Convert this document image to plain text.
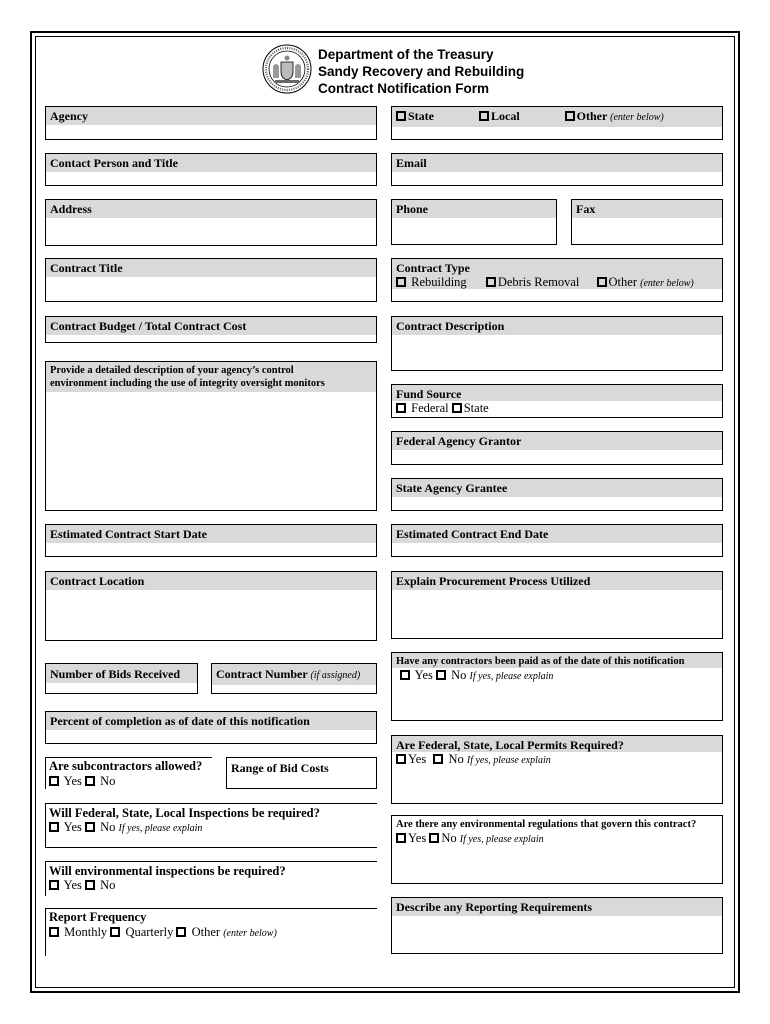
Department of the Treasury
Sandy Recovery and Rebuilding
Contract Notification Form
Agency	State	Local	Other (enter below)
Contact Person and Title	Email
Address	Phone	Fax
Contract Title	Contract Type
Rebuilding Debris Removal Other (enter below)
Contract Budget / Total Contract Cost	Contract Description
Provide a detailed description of your agency’s control
environment including the use of integrity oversight monitors
Fund Source
Federal State
Federal Agency Grantor
State Agency Grantee
Estimated Contract Start Date	Estimated Contract End Date
Contract Location	Explain Procurement Process Utilized
Number of Bids Received	Contract Number (if assigned)
Have any contractors been paid as of the date of this notification
Yes No If yes, please explain
Percent of completion as of date of this notification
Are Federal, State, Local Permits Required?
Yes No If yes, please explain
Are subcontractors allowed?
Yes No
Range of Bid Costs
Will Federal, State, Local Inspections be required?
Yes No If yes, please explain	Are there any environmental regulations that govern this contract?
Yes No If yes, please explain
Will environmental inspections be required?
Yes No
Report Frequency
Monthly Quarterly Other (enter below)
Describe any Reporting Requirements
